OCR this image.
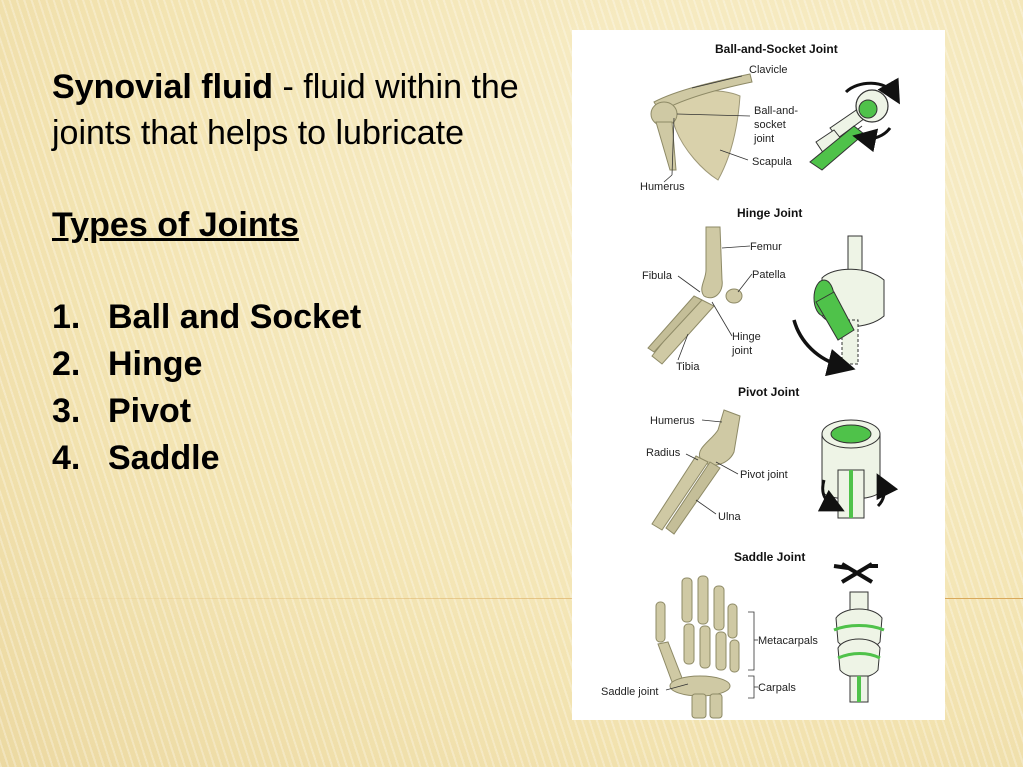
Synovial fluid - fluid within the joints that helps to lubricate

Types of Joints

1. Ball and Socket
2. Hinge
3. Pivot
4. Saddle
Ball-and-Socket Joint
Clavicle
Ball-and-
socket
joint
Scapula
Humerus
Hinge Joint
Femur
Fibula	Patella
Hinge
joint
Tibia
Pivot Joint
Humerus
Radius
Pivot joint
Ulna
Saddle Joint
Metacarpals
Saddle joint	Carpals
